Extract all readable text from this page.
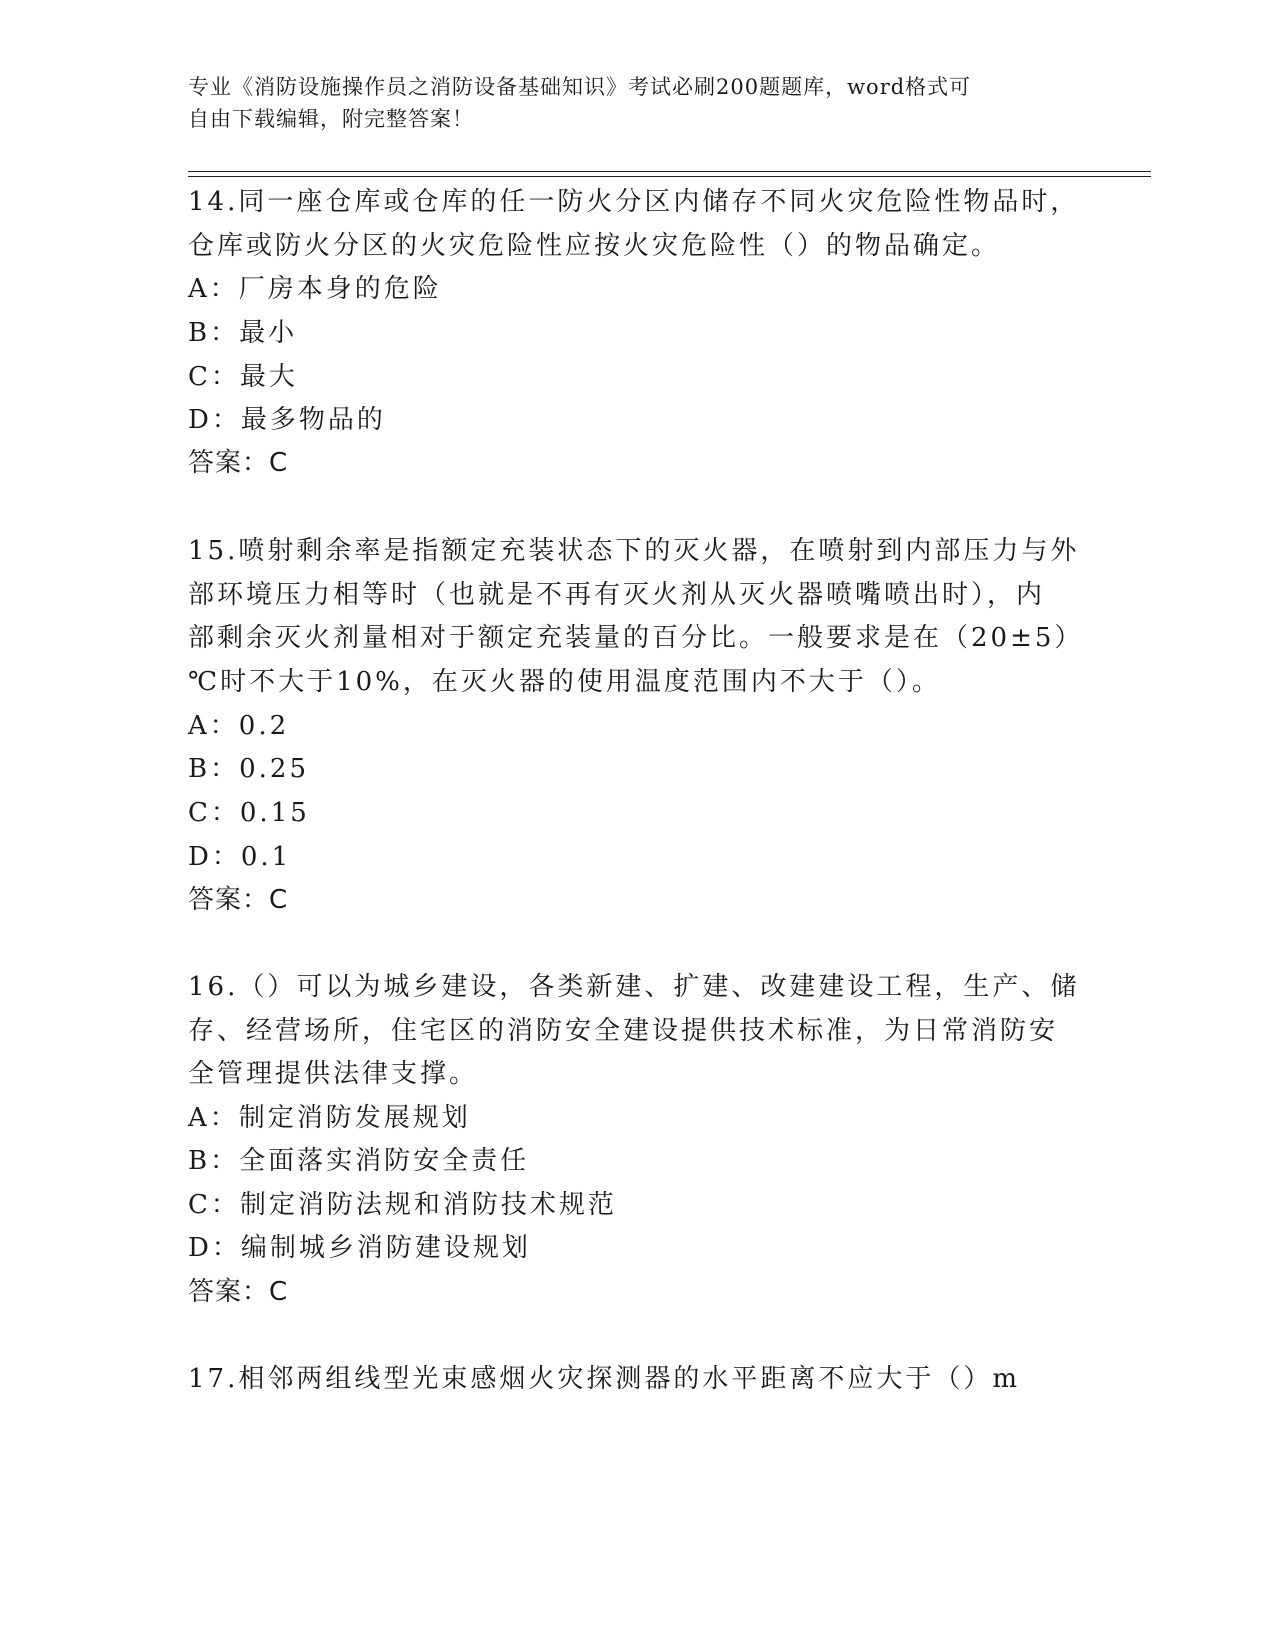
专业《消防设施操作员之消防设备基础知识》考试必刷200题题库，word格式可
自由下载编辑，附完整答案！
14.同一座仓库或仓库的任一防火分区内储存不同火灾危险性物品时，
仓库或防火分区的火灾危险性应按火灾危险性（）的物品确定。
A：厂房本身的危险
B：最小
C：最大
D：最多物品的
答案：C
15.喷射剩余率是指额定充装状态下的灭火器，在喷射到内部压力与外
部环境压力相等时（也就是不再有灭火剂从灭火器喷嘴喷出时），内
部剩余灭火剂量相对于额定充装量的百分比。一般要求是在（20±5）
℃时不大于10%，在灭火器的使用温度范围内不大于（）。
A：0.2
B：0.25
C：0.15
D：0.1
答案：C
16.（）可以为城乡建设，各类新建、扩建、改建建设工程，生产、储
存、经营场所，住宅区的消防安全建设提供技术标准，为日常消防安
全管理提供法律支撑。
A：制定消防发展规划
B：全面落实消防安全责任
C：制定消防法规和消防技术规范
D：编制城乡消防建设规划
答案：C
17.相邻两组线型光束感烟火灾探测器的水平距离不应大于（）m
